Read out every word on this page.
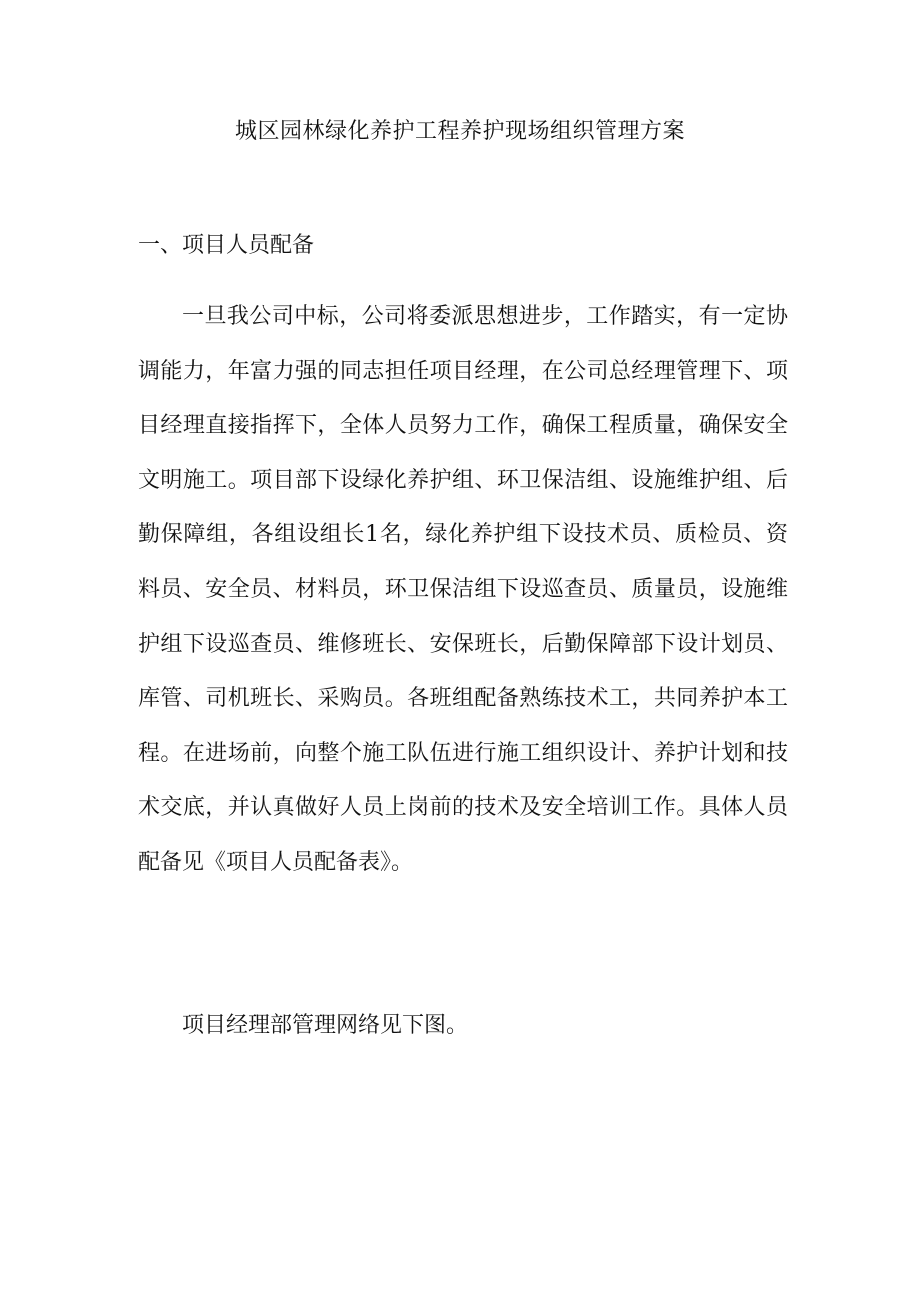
城区园林绿化养护工程养护现场组织管理方案
一、项目人员配备

一旦我公司中标，公司将委派思想进步，工作踏实，有一定协调能力，年富力强的同志担任项目经理，在公司总经理管理下、项目经理直接指挥下，全体人员努力工作，确保工程质量，确保安全文明施工。项目部下设绿化养护组、环卫保洁组、设施维护组、后勤保障组，各组设组长1名，绿化养护组下设技术员、质检员、资料员、安全员、材料员，环卫保洁组下设巡查员、质量员，设施维护组下设巡查员、维修班长、安保班长，后勤保障部下设计划员、库管、司机班长、采购员。各班组配备熟练技术工，共同养护本工程。在进场前，向整个施工队伍进行施工组织设计、养护计划和技术交底，并认真做好人员上岗前的技术及安全培训工作。具体人员配备见《项目人员配备表》。

项目经理部管理网络见下图。
